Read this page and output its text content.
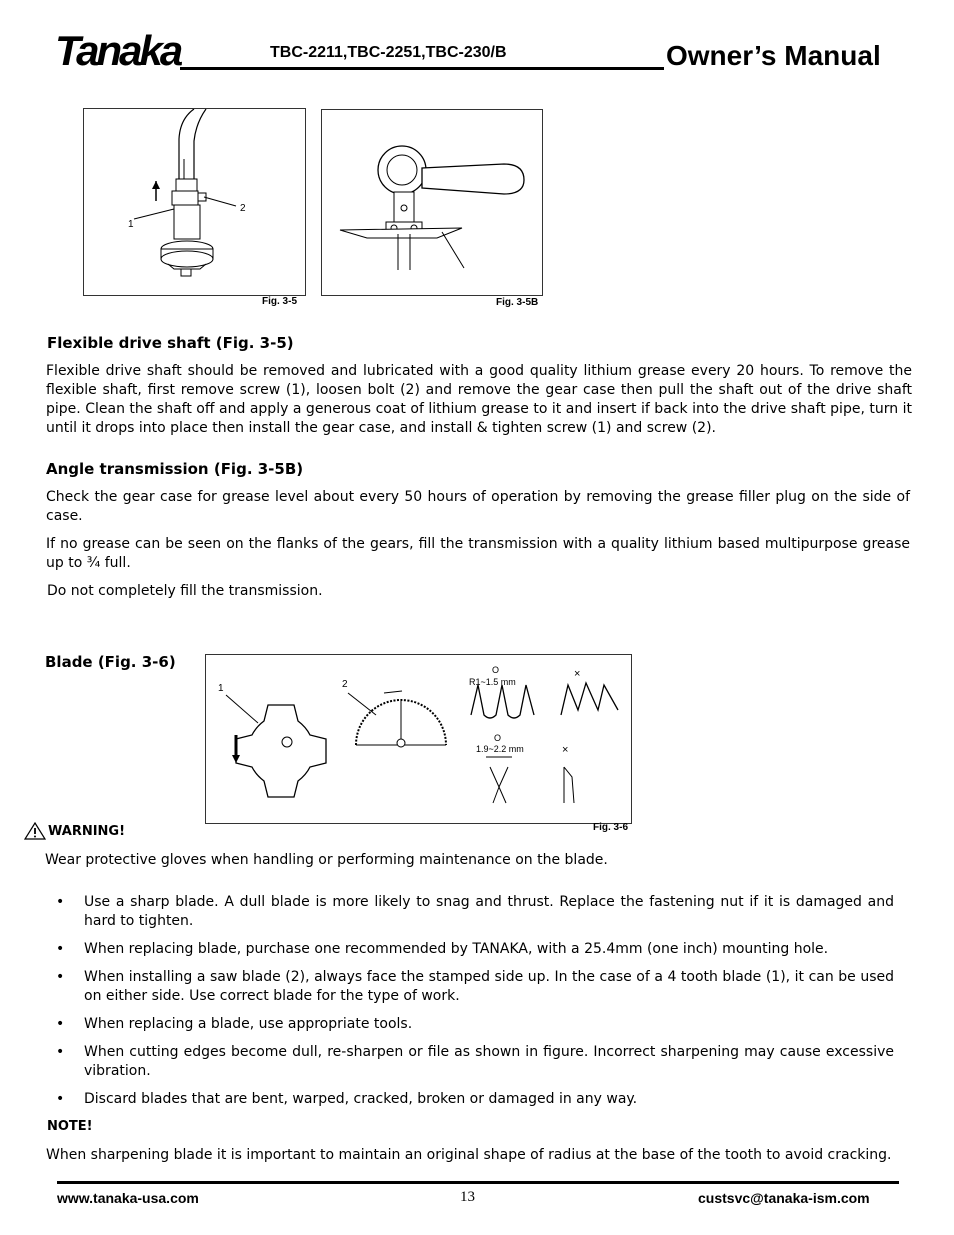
Tanaka	TBC-2211,TBC-2251,TBC-230/B	Owner’s Manual
1
2
Fig. 3-5	Fig. 3-5B
Flexible drive shaft (Fig. 3-5)
Flexible drive shaft should be removed and lubricated with a good quality lithium grease every 20 hours. To remove the flexible shaft, first remove screw (1), loosen bolt (2) and remove the gear case then pull the shaft out of the drive shaft pipe. Clean the shaft off and apply a generous coat of lithium grease to it and insert if back into the drive shaft pipe, turn it until it drops into place then install the gear case, and install & tighten screw (1) and screw (2).
Angle transmission (Fig. 3-5B)
Check the gear case for grease level about every 50 hours of operation by removing the grease filler plug on the side of case.
If no grease can be seen on the flanks of the gears, fill the transmission with a quality lithium based multipurpose grease up to ¾ full.
Do not completely fill the transmission.
Blade (Fig. 3-6)
1	2
O
R1~1.5 mm
×
O
1.9~2.2 mm	×
Fig. 3-6
WARNING!
Wear protective gloves when handling or performing maintenance on the blade.
• Use a sharp blade. A dull blade is more likely to snag and thrust. Replace the fastening nut if it is damaged and hard to tighten.
• When replacing blade, purchase one recommended by TANAKA, with a 25.4mm (one inch) mounting hole.
• When installing a saw blade (2), always face the stamped side up. In the case of a 4 tooth blade (1), it can be used on either side. Use correct blade for the type of work.
• When replacing a blade, use appropriate tools.
• When cutting edges become dull, re-sharpen or file as shown in figure. Incorrect sharpening may cause excessive vibration.
• Discard blades that are bent, warped, cracked, broken or damaged in any way.
NOTE!
When sharpening blade it is important to maintain an original shape of radius at the base of the tooth to avoid cracking.
www.tanaka-usa.com	13	custsvc@tanaka-ism.com
